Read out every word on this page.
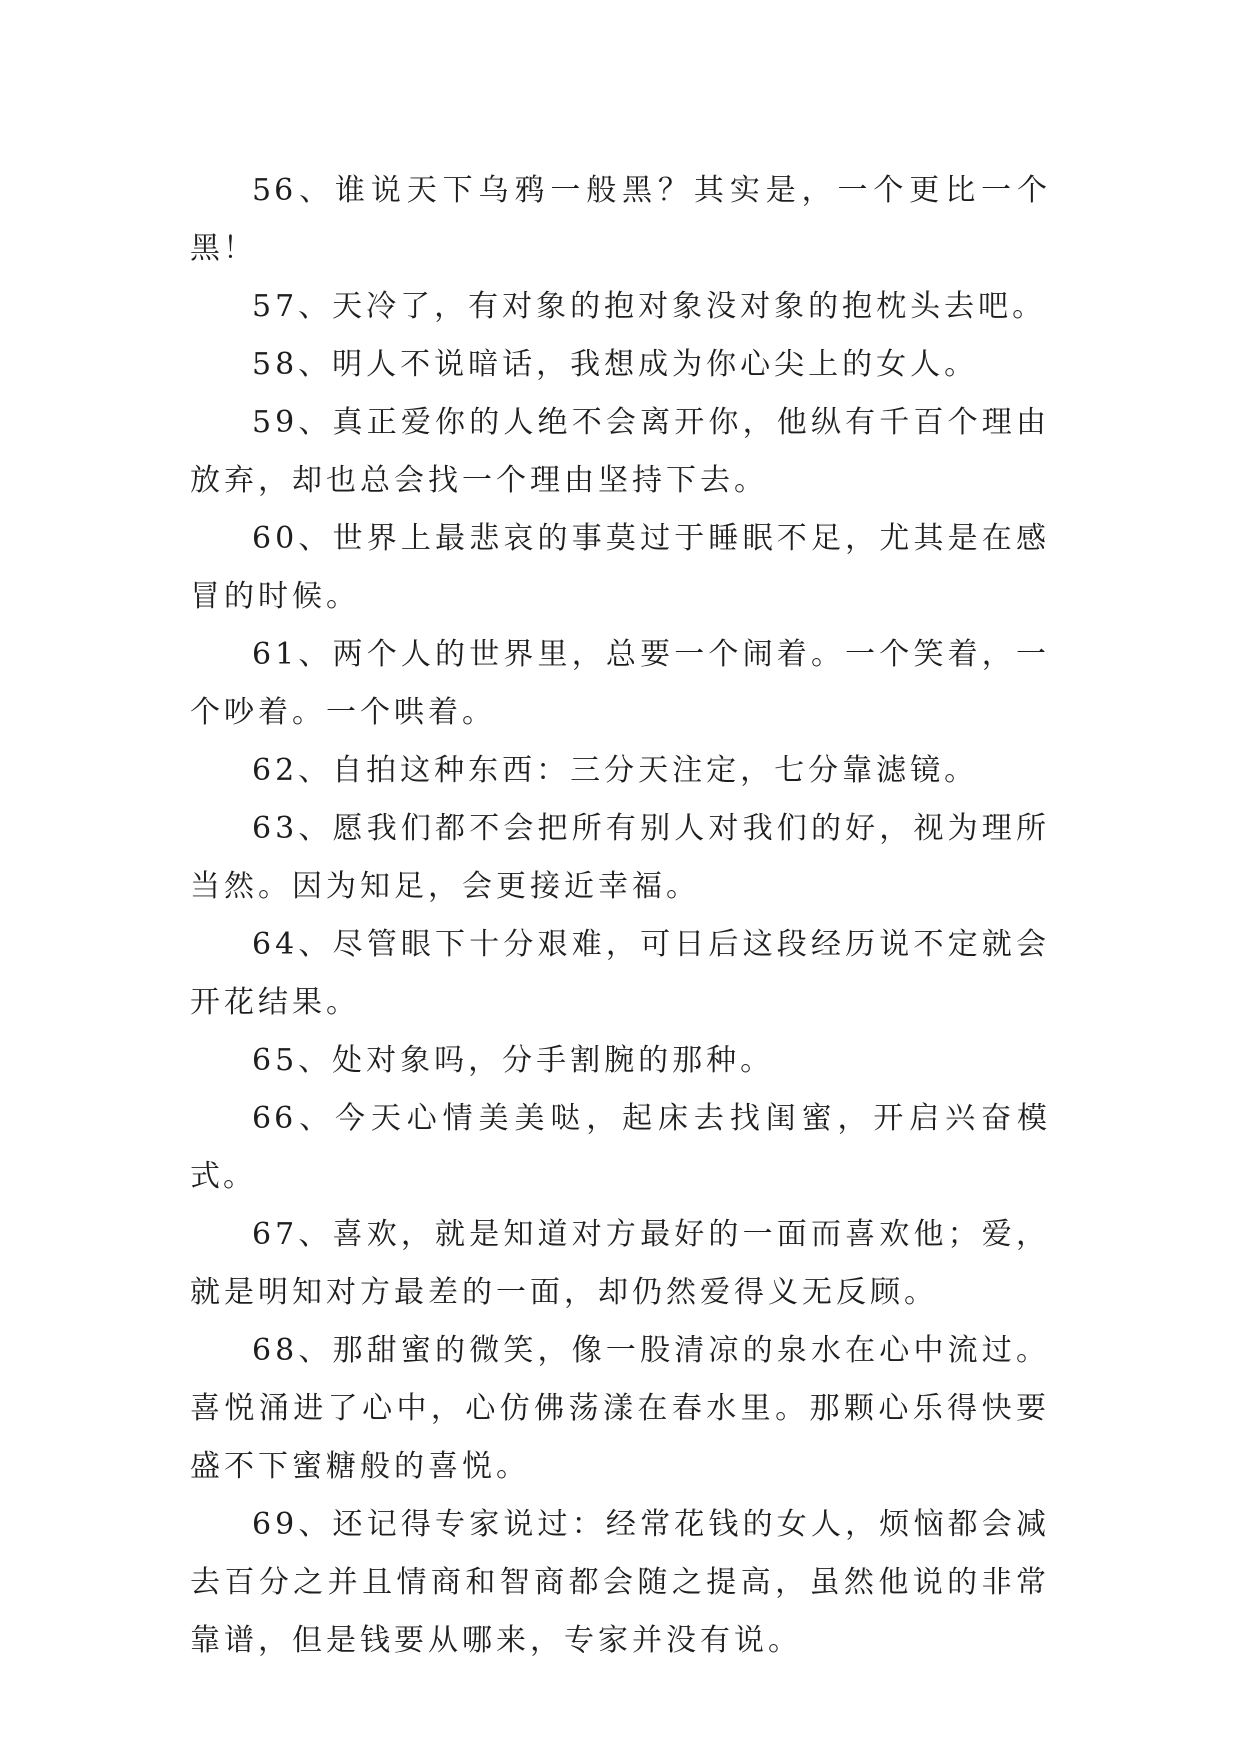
56、谁说天下乌鸦一般黑？其实是，一个更比一个黑！

57、天冷了，有对象的抱对象没对象的抱枕头去吧。

58、明人不说暗话，我想成为你心尖上的女人。

59、真正爱你的人绝不会离开你，他纵有千百个理由放弃，却也总会找一个理由坚持下去。

60、世界上最悲哀的事莫过于睡眠不足，尤其是在感冒的时候。

61、两个人的世界里，总要一个闹着。一个笑着，一个吵着。一个哄着。

62、自拍这种东西：三分天注定，七分靠滤镜。

63、愿我们都不会把所有别人对我们的好，视为理所当然。因为知足，会更接近幸福。

64、尽管眼下十分艰难，可日后这段经历说不定就会开花结果。

65、处对象吗，分手割腕的那种。

66、今天心情美美哒，起床去找闺蜜，开启兴奋模式。

67、喜欢，就是知道对方最好的一面而喜欢他；爱，就是明知对方最差的一面，却仍然爱得义无反顾。

68、那甜蜜的微笑，像一股清凉的泉水在心中流过。喜悦涌进了心中，心仿佛荡漾在春水里。那颗心乐得快要盛不下蜜糖般的喜悦。

69、还记得专家说过：经常花钱的女人，烦恼都会减去百分之并且情商和智商都会随之提高，虽然他说的非常靠谱，但是钱要从哪来，专家并没有说。
